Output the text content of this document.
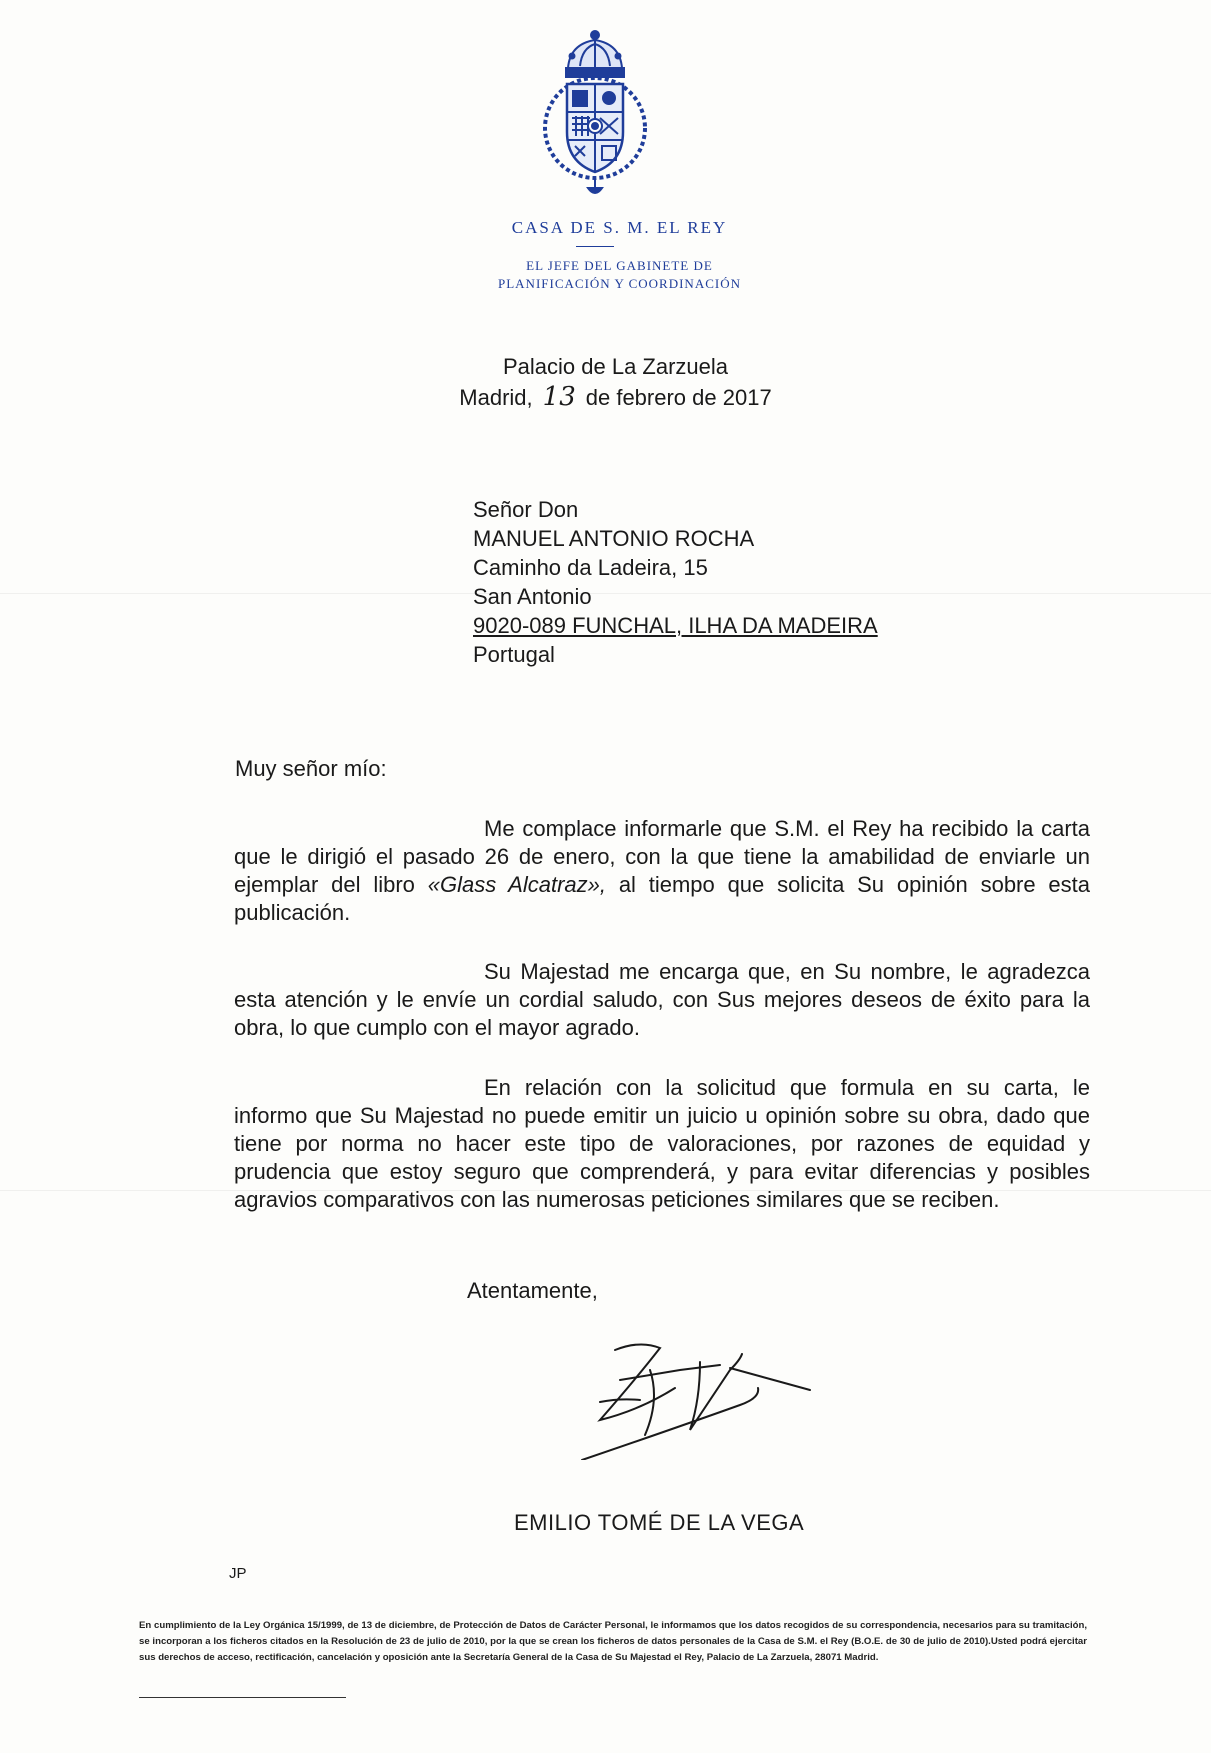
CASA DE S. M. EL REY
EL JEFE DEL GABINETE DE
PLANIFICACIÓN Y COORDINACIÓN
Palacio de La Zarzuela
Madrid, 13 de febrero de 2017
Señor Don
MANUEL ANTONIO ROCHA
Caminho da Ladeira, 15
San Antonio
9020-089 FUNCHAL, ILHA DA MADEIRA
Portugal
Muy señor mío:
Me complace informarle que S.M. el Rey ha recibido la carta que le dirigió el pasado 26 de enero, con la que tiene la amabilidad de enviarle un ejemplar del libro «Glass Alcatraz», al tiempo que solicita Su opinión sobre esta publicación.
Su Majestad me encarga que, en Su nombre, le agradezca esta atención y le envíe un cordial saludo, con Sus mejores deseos de éxito para la obra, lo que cumplo con el mayor agrado.
En relación con la solicitud que formula en su carta, le informo que Su Majestad no puede emitir un juicio u opinión sobre su obra, dado que tiene por norma no hacer este tipo de valoraciones, por razones de equidad y prudencia que estoy seguro que comprenderá, y para evitar diferencias y posibles agravios comparativos con las numerosas peticiones similares que se reciben.
Atentamente,
EMILIO TOMÉ DE LA VEGA
JP
En cumplimiento de la Ley Orgánica 15/1999, de 13 de diciembre, de Protección de Datos de Carácter Personal, le informamos que los datos recogidos de su correspondencia, necesarios para su tramitación, se incorporan a los ficheros citados en la Resolución de 23 de julio de 2010, por la que se crean los ficheros de datos personales de la Casa de S.M. el Rey (B.O.E. de 30 de julio de 2010).Usted podrá ejercitar sus derechos de acceso, rectificación, cancelación y oposición ante la Secretaría General de la Casa de Su Majestad el Rey, Palacio de La Zarzuela, 28071 Madrid.
